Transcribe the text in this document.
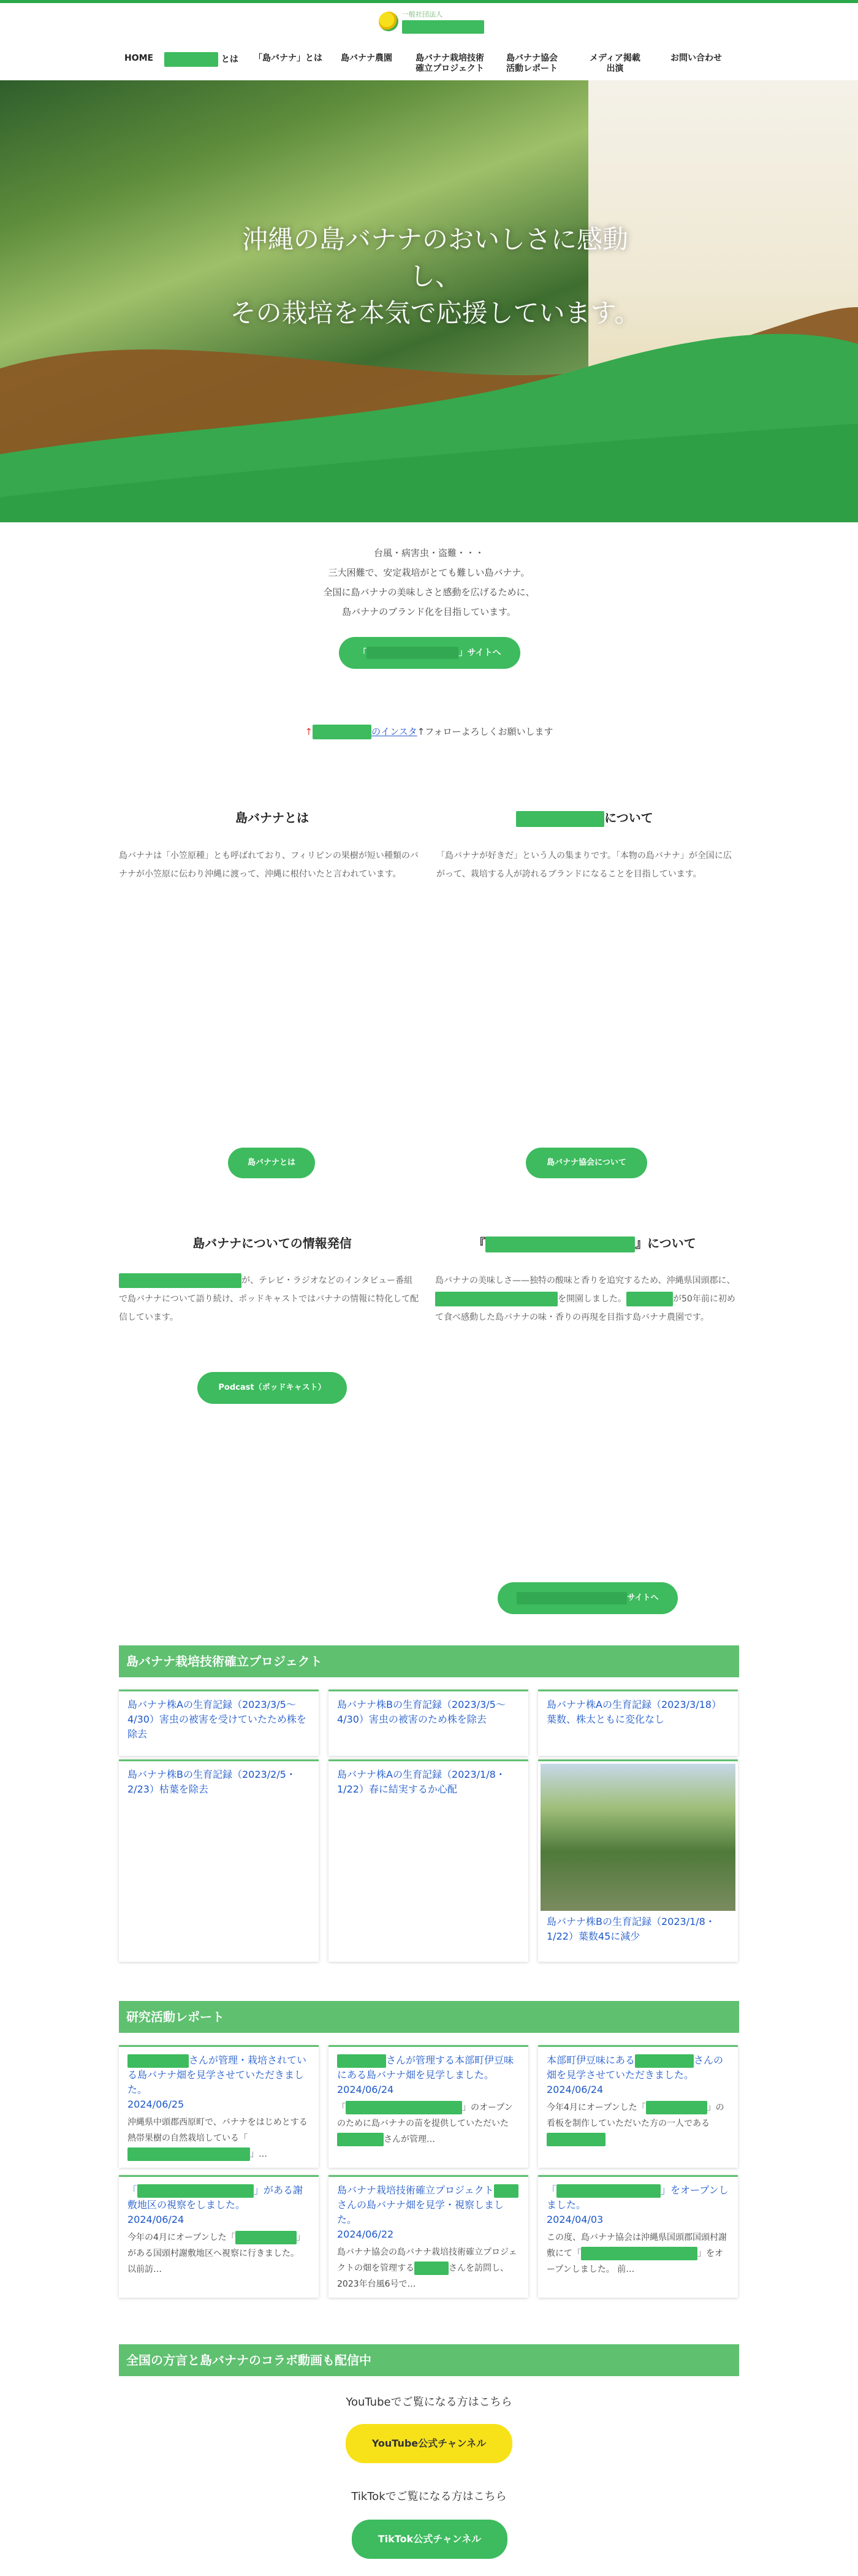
一般社団法人
HOME	とは 「島バナナ」とは 島バナナ農園	島バナナ栽培技術
確立プロジェクト
島バナナ協会
活動レポート
メディア掲載
出演
お問い合わせ
沖縄の島バナナのおいしさに感動し、
その栽培を本気で応援しています。
台風・病害虫・盗難・・・
三大困難で、安定栽培がとても難しい島バナナ。
全国に島バナナの美味しさと感動を広げるために、
島バナナのブランド化を目指しています。
「	」サイトへ
↑	のインスタ↑フォローよろしくお願いします
島バナナとは	について
島バナナは「小笠原種」とも呼ばれており、フィリピンの果樹が短い種類のバナナが小笠原に伝わり沖縄に渡って、沖縄に根付いたと言われています。
「島バナナが好きだ」という人の集まりです。「本物の島バナナ」が全国に広がって、栽培する人が誇れるブランドになることを目指しています。
島バナナとは	島バナナ協会について
島バナナについての情報発信	『	』について
が、テレビ・ラジオなどのインタビュー番組で島バナナについて語り続け、ポッドキャストではバナナの情報に特化して配信しています。
島バナナの美味しさ——独特の酸味と香りを追究するため、沖縄県国頭郡に、を開園しました。	が50年前に初めて食べ感動した島バナナの味・香りの再現を目指す島バナナ農園です。
Podcast（ポッドキャスト）
サイトへ
島バナナ栽培技術確立プロジェクト
島バナナ株Aの生育記録（2023/3/5〜4/30）害虫の被害を受けていたため株を除去
島バナナ株Bの生育記録（2023/3/5〜4/30）害虫の被害のため株を除去
島バナナ株Aの生育記録（2023/3/18）葉数、株太ともに変化なし
島バナナ株Bの生育記録（2023/2/5・2/23）枯葉を除去
島バナナ株Aの生育記録（2023/1/8・1/22）春に結実するか心配
島バナナ株Bの生育記録（2023/1/8・1/22）葉数45に減少
研究活動レポート
さんが管理・栽培されている島バナナ畑を見学させていただきました。
2024/06/25
沖縄県中頭郡西原町で、バナナをはじめとする熱帯果樹の自然栽培している「」…
さんが管理する本部町伊豆味にある島バナナ畑を見学しました。
2024/06/24
「	」のオープンのために島バナナの苗を提供していただいたさんが管理…
本部町伊豆味にある	さんの畑を見学させていただきました。
2024/06/24
今年4月にオープンした「	」の看板を制作していただいた方の一人である
「	」がある謝敷地区の視察をしました。
2024/06/24
今年の4月にオープンした「	」がある国頭村謝敷地区へ視察に行きました。 以前訪…
島バナナ栽培技術確立プロジェクトさんの島バナナ畑を見学・視察しました。
2024/06/22
島バナナ協会の島バナナ栽培技術確立プロジェクトの畑を管理する	さんを訪問し、2023年台風6号で…
「	」をオープンしました。
2024/04/03
この度、島バナナ協会は沖縄県国頭郡国頭村謝敷にて「	」をオープンしました。 前…
全国の方言と島バナナのコラボ動画も配信中
YouTubeでご覧になる方はこちら
YouTube公式チャンネル
TikTokでご覧になる方はこちら
TikTok公式チャンネル
